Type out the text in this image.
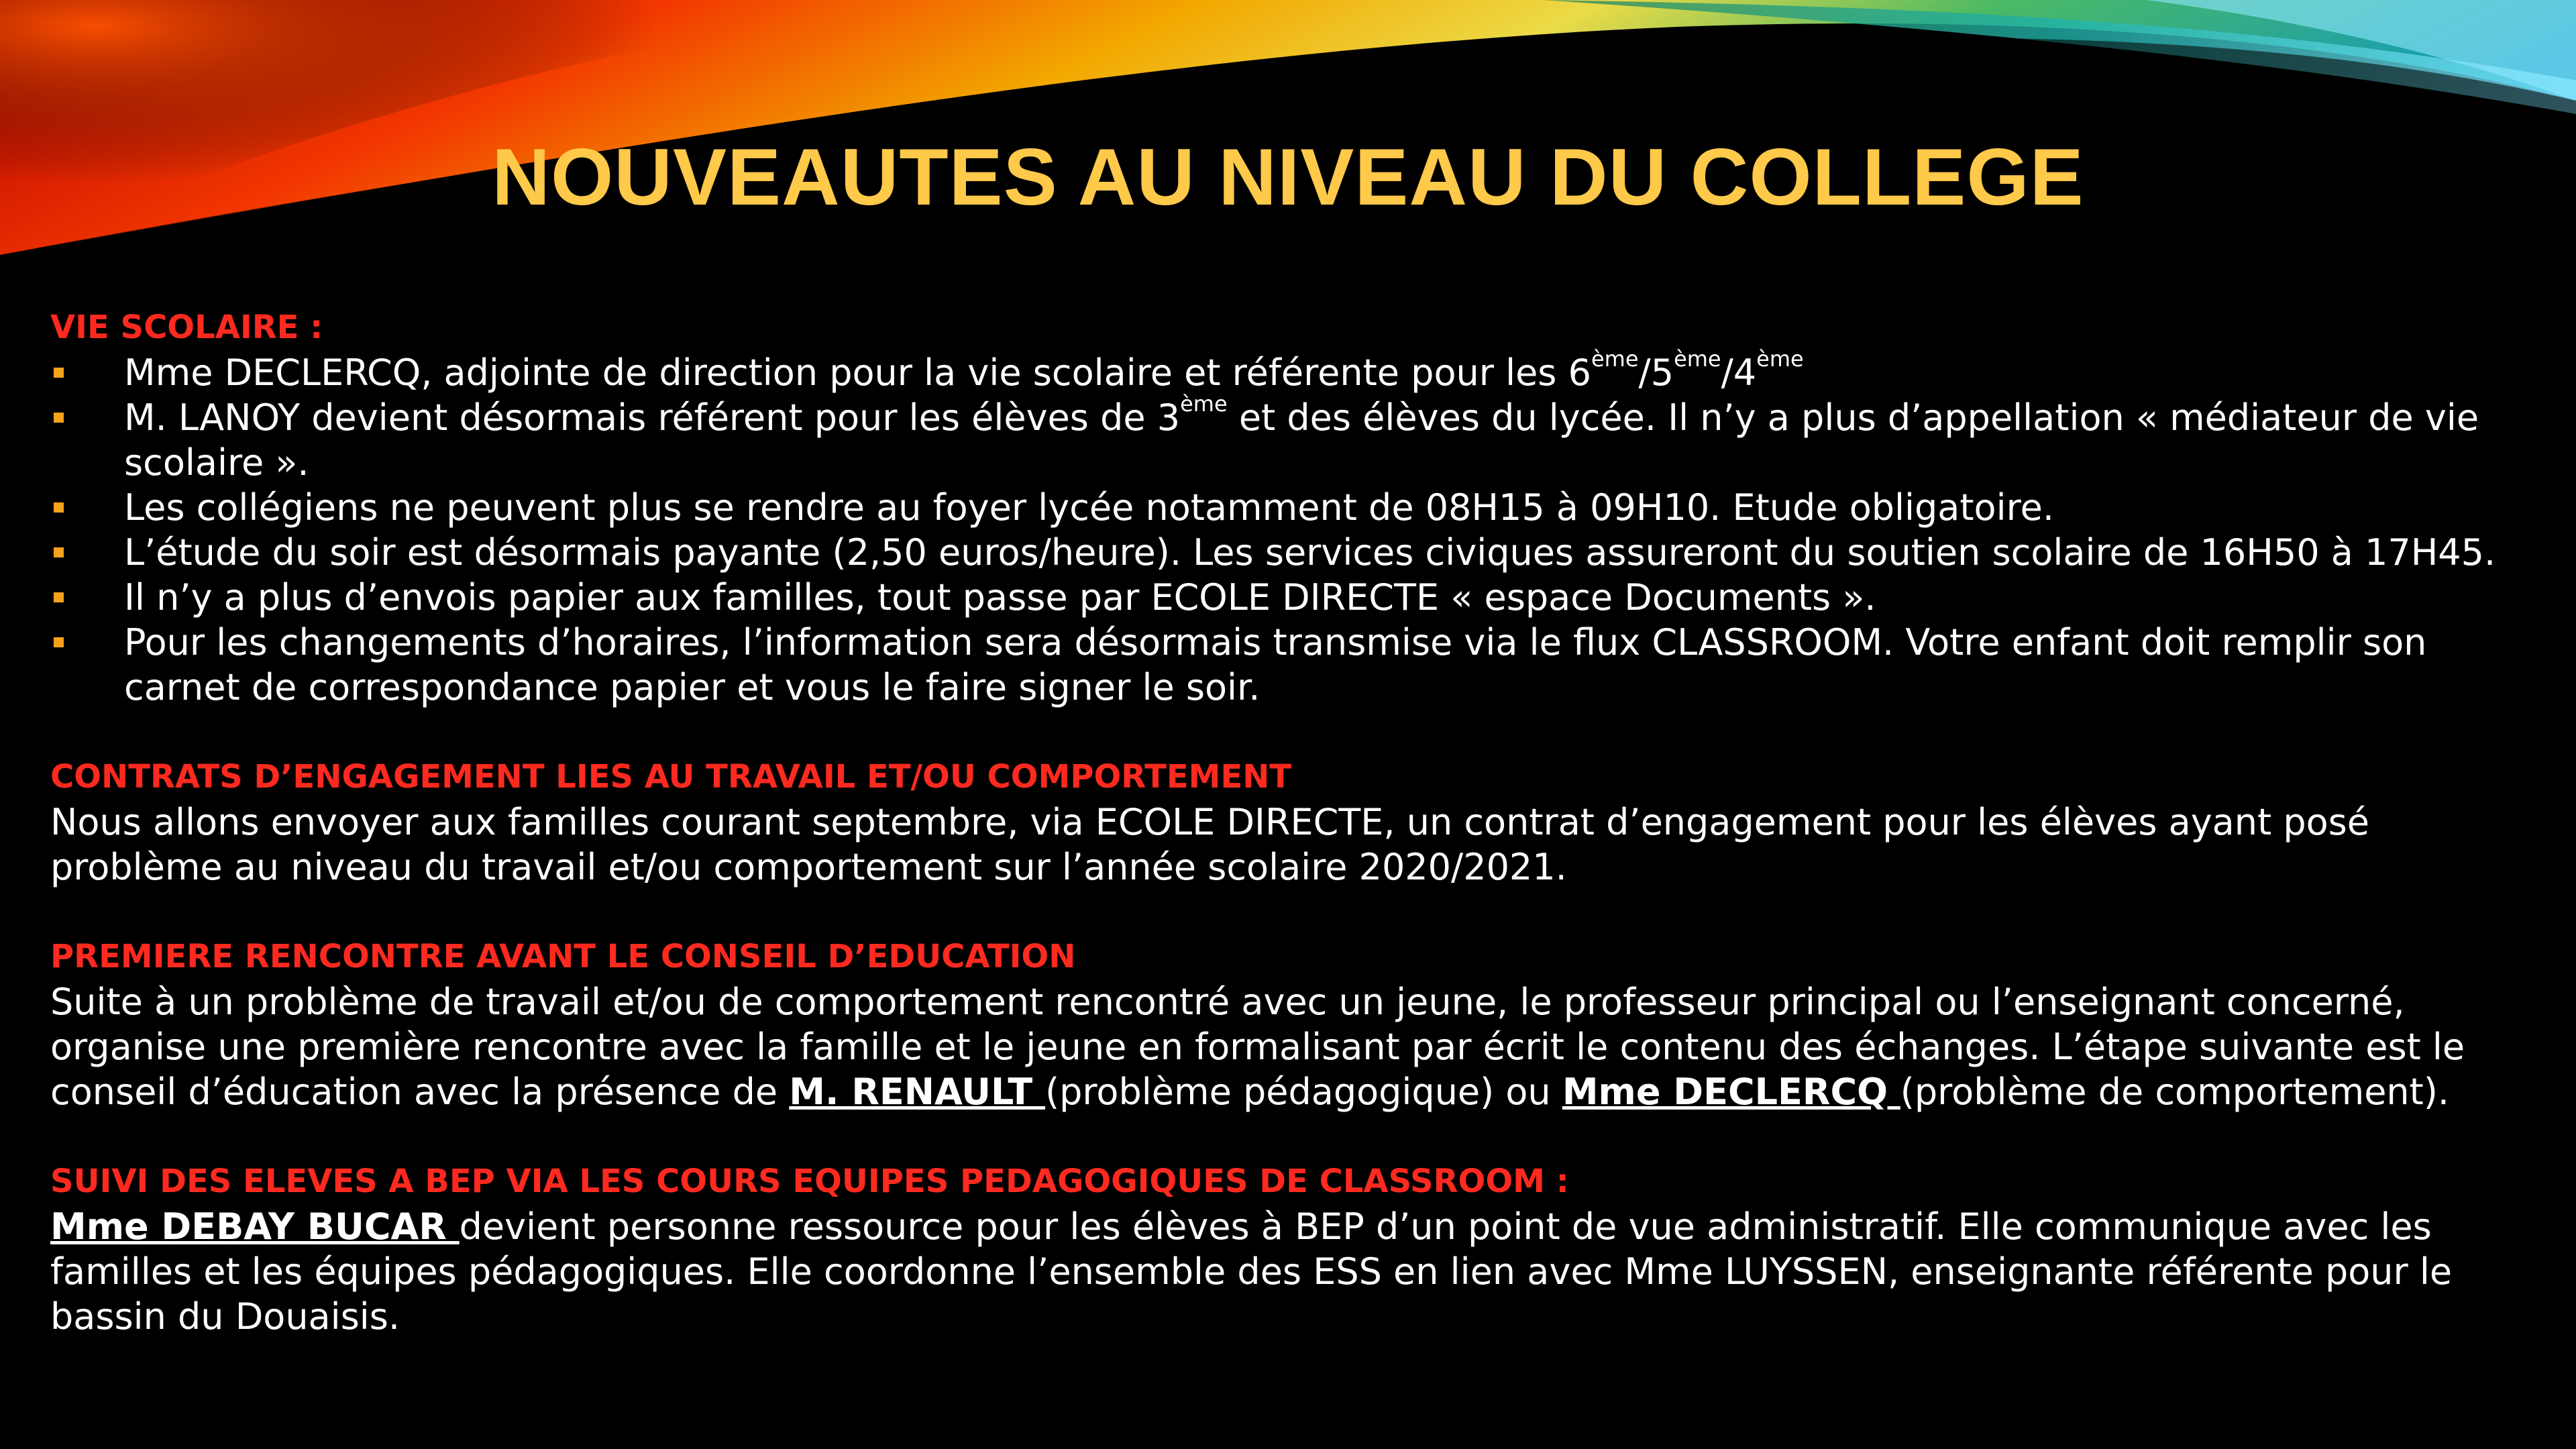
NOUVEAUTES AU NIVEAU DU COLLEGE
VIE SCOLAIRE :
Mme DECLERCQ, adjointe de direction pour la vie scolaire et référente pour les 6ème/5ème/4ème
M. LANOY devient désormais référent pour les élèves de 3ème et des élèves du lycée. Il n’y a plus d’appellation « médiateur de vie scolaire ».
Les collégiens ne peuvent plus se rendre au foyer lycée notamment de 08H15 à 09H10. Etude obligatoire.
L’étude du soir est désormais payante (2,50 euros/heure). Les services civiques assureront du soutien scolaire de 16H50 à 17H45.
Il n’y a plus d’envois papier aux familles, tout passe par ECOLE DIRECTE « espace Documents ».
Pour les changements d’horaires, l’information sera désormais transmise via le flux CLASSROOM. Votre enfant doit remplir son carnet de correspondance papier et vous le faire signer le soir.
CONTRATS D’ENGAGEMENT LIES AU TRAVAIL ET/OU COMPORTEMENT

Nous allons envoyer aux familles courant septembre, via ECOLE DIRECTE, un contrat d’engagement pour les élèves ayant posé problème au niveau du travail et/ou comportement sur l’année scolaire 2020/2021.

PREMIERE RENCONTRE AVANT LE CONSEIL D’EDUCATION

Suite à un problème de travail et/ou de comportement rencontré avec un jeune, le professeur principal ou l’enseignant concerné, organise une première rencontre avec la famille et le jeune en formalisant par écrit le contenu des échanges. L’étape suivante est le conseil d’éducation avec la présence de M. RENAULT (problème pédagogique) ou Mme DECLERCQ (problème de comportement).

SUIVI DES ELEVES A BEP VIA LES COURS EQUIPES PEDAGOGIQUES DE CLASSROOM :

Mme DEBAY BUCAR devient personne ressource pour les élèves à BEP d’un point de vue administratif. Elle communique avec les familles et les équipes pédagogiques. Elle coordonne l’ensemble des ESS en lien avec Mme LUYSSEN, enseignante référente pour le bassin du Douaisis.
